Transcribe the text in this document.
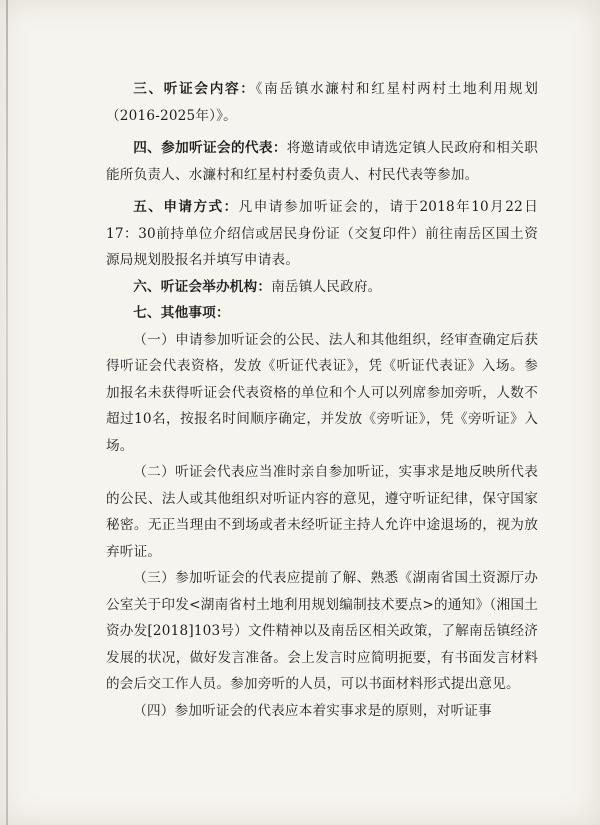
三、听证会内容：《南岳镇水濂村和红星村两村土地利用规划（2016-2025年）》。

四、参加听证会的代表：将邀请或依申请选定镇人民政府和相关职能所负责人、水濂村和红星村村委负责人、村民代表等参加。

五、申请方式：凡申请参加听证会的，请于2018年10月22日17：30前持单位介绍信或居民身份证（交复印件）前往南岳区国土资源局规划股报名并填写申请表。

六、听证会举办机构：南岳镇人民政府。

七、其他事项：

（一）申请参加听证会的公民、法人和其他组织，经审查确定后获得听证会代表资格，发放《听证代表证》，凭《听证代表证》入场。参加报名未获得听证会代表资格的单位和个人可以列席参加旁听，人数不超过10名，按报名时间顺序确定，并发放《旁听证》，凭《旁听证》入场。

（二）听证会代表应当准时亲自参加听证，实事求是地反映所代表的公民、法人或其他组织对听证内容的意见，遵守听证纪律，保守国家秘密。无正当理由不到场或者未经听证主持人允许中途退场的，视为放弃听证。

（三）参加听证会的代表应提前了解、熟悉《湖南省国土资源厅办公室关于印发<湖南省村土地利用规划编制技术要点>的通知》（湘国土资办发[2018]103号）文件精神以及南岳区相关政策，了解南岳镇经济发展的状况，做好发言准备。会上发言时应简明扼要，有书面发言材料的会后交工作人员。参加旁听的人员，可以书面材料形式提出意见。

（四）参加听证会的代表应本着实事求是的原则，对听证事
